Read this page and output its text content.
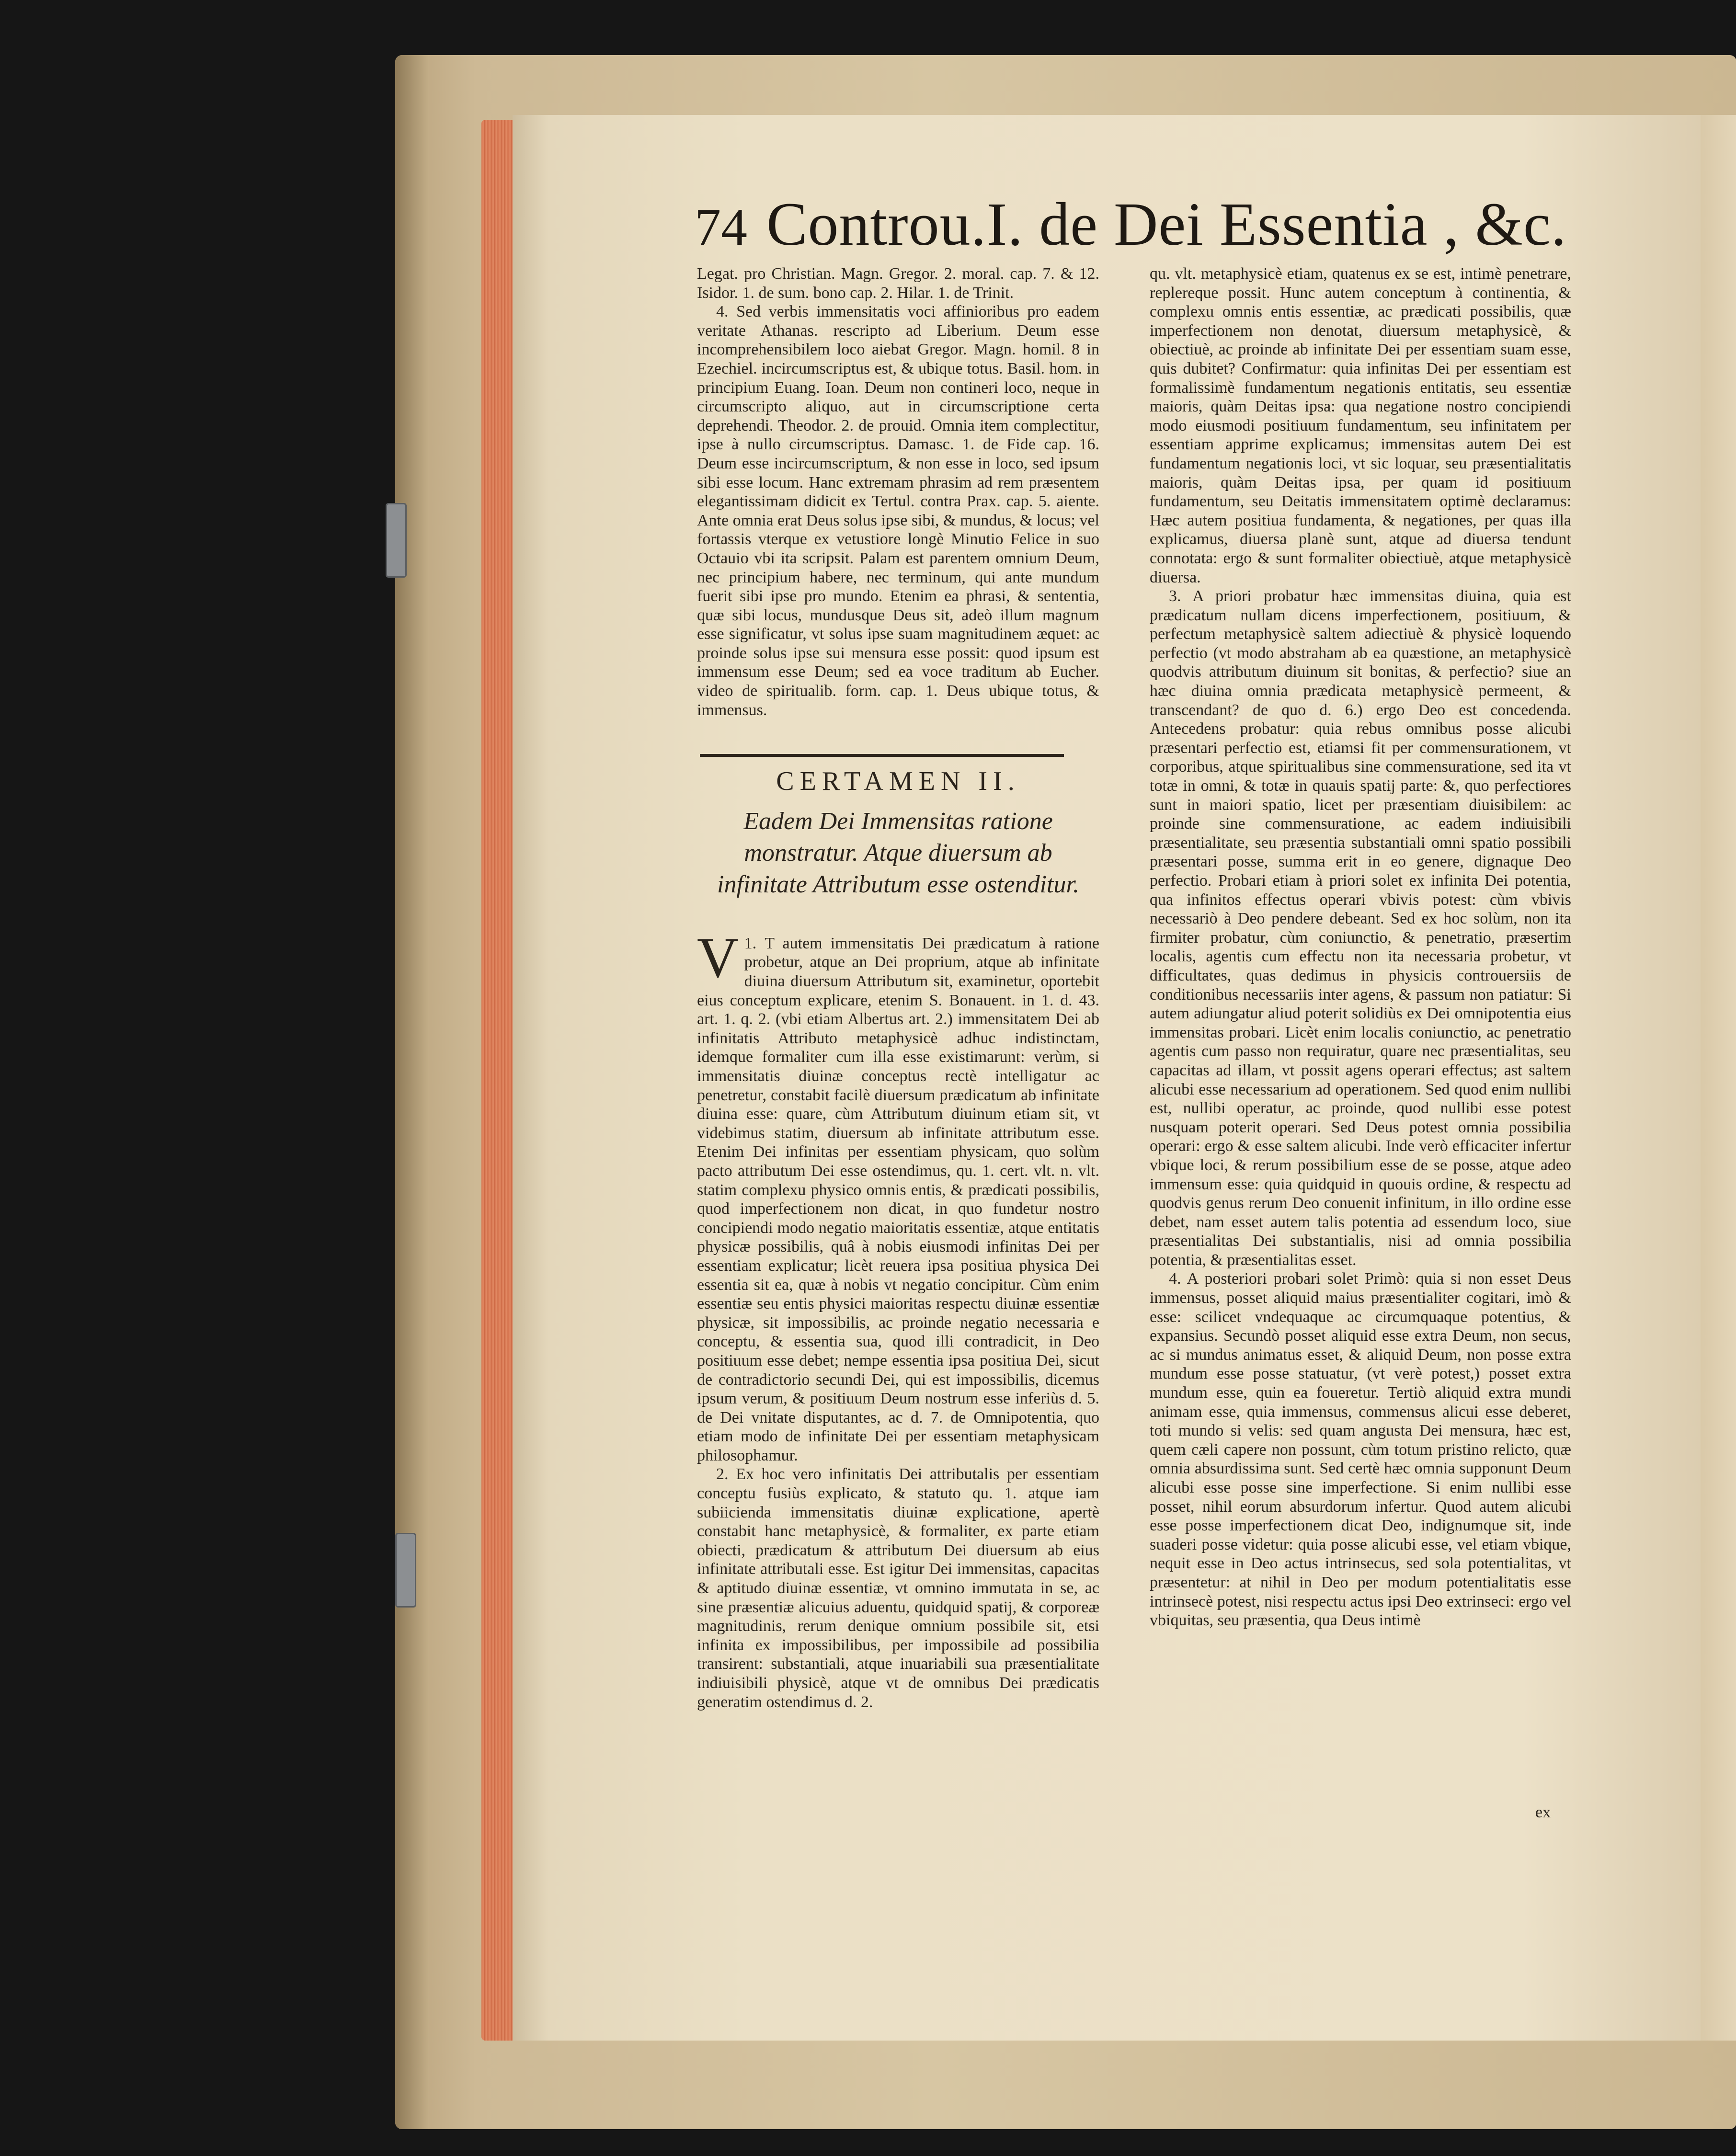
74 Controu.I. de Dei Essentia , &c.

Legat. pro Christian. Magn. Gregor. 2. moral. cap. 7. & 12. Isidor. 1. de sum. bono cap. 2. Hilar. 1. de Trinit.

4. Sed verbis immensitatis voci affinioribus pro eadem veritate Athanas. rescripto ad Liberium. Deum esse incomprehensibilem loco aiebat Gregor. Magn. homil. 8 in Ezechiel. incircumscriptus est, & ubique totus. Basil. hom. in principium Euang. Ioan. Deum non contineri loco, neque in circumscripto aliquo, aut in circumscriptione certa deprehendi. Theodor. 2. de prouid. Omnia item complectitur, ipse à nullo circumscriptus. Damasc. 1. de Fide cap. 16. Deum esse incircumscriptum, & non esse in loco, sed ipsum sibi esse locum. Hanc extremam phrasim ad rem præsentem elegantissimam didicit ex Tertul. contra Prax. cap. 5. aiente. Ante omnia erat Deus solus ipse sibi, & mundus, & locus; vel fortassis vterque ex vetustiore longè Minutio Felice in suo Octauio vbi ita scripsit. Palam est parentem omnium Deum, nec principium habere, nec terminum, qui ante mundum fuerit sibi ipse pro mundo. Etenim ea phrasi, & sententia, quæ sibi locus, mundusque Deus sit, adeò illum magnum esse significatur, vt solus ipse suam magnitudinem æquet: ac proinde solus ipse sui mensura esse possit: quod ipsum est immensum esse Deum; sed ea voce traditum ab Eucher. video de spiritualib. form. cap. 1. Deus ubique totus, & immensus.

CERTAMEN II.
Eadem Dei Immensitas ratione monstratur. Atque diuersum ab infinitate Attributum esse ostenditur.

1.
V T autem immensitatis Dei prædicatum à ratione probetur, atque an Dei proprium, atque ab infinitate diuina diuersum Attributum sit, examinetur, oportebit eius conceptum explicare, etenim S. Bonauent. in 1. d. 43. art. 1. q. 2. (vbi etiam Albertus art. 2.) immensitatem Dei ab infinitatis Attributo metaphysicè adhuc indistinctam, idemque formaliter cum illa esse existimarunt: verùm, si immensitatis diuinæ conceptus rectè intelligatur ac penetretur, constabit facilè diuersum prædicatum ab infinitate diuina esse: quare, cùm Attributum diuinum etiam sit, vt videbimus statim, diuersum ab infinitate attributum esse. Etenim Dei infinitas per essentiam physicam, quo solùm pacto attributum Dei esse ostendimus, qu. 1. cert. vlt. n. vlt. statim complexu physico omnis entis, & prædicati possibilis, quod imperfectionem non dicat, in quo fundetur nostro concipiendi modo negatio maioritatis essentiæ, atque entitatis physicæ possibilis, quâ à nobis eiusmodi infinitas Dei per essentiam explicatur; licèt reuera ipsa positiua physica Dei essentia sit ea, quæ à nobis vt negatio concipitur. Cùm enim essentiæ seu entis physici maioritas respectu diuinæ essentiæ physicæ, sit impossibilis, ac proinde negatio necessaria e conceptu, & essentia sua, quod illi contradicit, in Deo positiuum esse debet; nempe essentia ipsa positiua Dei, sicut de contradictorio secundi Dei, qui est impossibilis, dicemus ipsum verum, & positiuum Deum nostrum esse inferiùs d. 5. de Dei vnitate disputantes, ac d. 7. de Omnipotentia, quo etiam modo de infinitate Dei per essentiam metaphysicam philosophamur.

2. Ex hoc vero infinitatis Dei attributalis per essentiam conceptu fusiùs explicato, & statuto qu. 1. atque iam subiicienda immensitatis diuinæ explicatione, apertè constabit hanc metaphysicè, & formaliter, ex parte etiam obiecti, prædicatum & attributum Dei diuersum ab eius infinitate attributali esse. Est igitur Dei immensitas, capacitas & aptitudo diuinæ essentiæ, vt omnino immutata in se, ac sine præsentiæ alicuius aduentu, quidquid spatij, & corporeæ magnitudinis, rerum denique omnium possibile sit, etsi infinita ex impossibilibus, per impossibile ad possibilia transirent: substantiali, atque inuariabili sua præsentialitate indiuisibili physicè, atque vt de omnibus Dei prædicatis generatim ostendimus d. 2.

qu. vlt. metaphysicè etiam, quatenus ex se est, intimè penetrare, replereque possit. Hunc autem conceptum à continentia, & complexu omnis entis essentiæ, ac prædicati possibilis, quæ imperfectionem non denotat, diuersum metaphysicè, & obiectiuè, ac proinde ab infinitate Dei per essentiam suam esse, quis dubitet? Confirmatur: quia infinitas Dei per essentiam est formalissimè fundamentum negationis entitatis, seu essentiæ maioris, quàm Deitas ipsa: qua negatione nostro concipiendi modo eiusmodi positiuum fundamentum, seu infinitatem per essentiam apprime explicamus; immensitas autem Dei est fundamentum negationis loci, vt sic loquar, seu præsentialitatis maioris, quàm Deitas ipsa, per quam id positiuum fundamentum, seu Deitatis immensitatem optimè declaramus: Hæc autem positiua fundamenta, & negationes, per quas illa explicamus, diuersa planè sunt, atque ad diuersa tendunt connotata: ergo & sunt formaliter obiectiuè, atque metaphysicè diuersa.

3. A priori probatur hæc immensitas diuina, quia est prædicatum nullam dicens imperfectionem, positiuum, & perfectum metaphysicè saltem adiectiuè & physicè loquendo perfectio (vt modo abstraham ab ea quæstione, an metaphysicè quodvis attributum diuinum sit bonitas, & perfectio? siue an hæc diuina omnia prædicata metaphysicè permeent, & transcendant? de quo d. 6.) ergo Deo est concedenda. Antecedens probatur: quia rebus omnibus posse alicubi præsentari perfectio est, etiamsi fit per commensurationem, vt corporibus, atque spiritualibus sine commensuratione, sed ita vt totæ in omni, & totæ in quauis spatij parte: &, quo perfectiores sunt in maiori spatio, licet per præsentiam diuisibilem: ac proinde sine commensuratione, ac eadem indiuisibili præsentialitate, seu præsentia substantiali omni spatio possibili præsentari posse, summa erit in eo genere, dignaque Deo perfectio. Probari etiam à priori solet ex infinita Dei potentia, qua infinitos effectus operari vbivis potest: cùm vbivis necessariò à Deo pendere debeant. Sed ex hoc solùm, non ita firmiter probatur, cùm coniunctio, & penetratio, præsertim localis, agentis cum effectu non ita necessaria probetur, vt difficultates, quas dedimus in physicis controuersiis de conditionibus necessariis inter agens, & passum non patiatur: Si autem adiungatur aliud poterit solidiùs ex Dei omnipotentia eius immensitas probari. Licèt enim localis coniunctio, ac penetratio agentis cum passo non requiratur, quare nec præsentialitas, seu capacitas ad illam, vt possit agens operari effectus; ast saltem alicubi esse necessarium ad operationem. Sed quod enim nullibi est, nullibi operatur, ac proinde, quod nullibi esse potest nusquam poterit operari. Sed Deus potest omnia possibilia operari: ergo & esse saltem alicubi. Inde verò efficaciter infertur vbique loci, & rerum possibilium esse de se posse, atque adeo immensum esse: quia quidquid in quouis ordine, & respectu ad quodvis genus rerum Deo conuenit infinitum, in illo ordine esse debet, nam esset autem talis potentia ad essendum loco, siue præsentialitas Dei substantialis, nisi ad omnia possibilia potentia, & præsentialitas esset.

4. A posteriori probari solet Primò: quia si non esset Deus immensus, posset aliquid maius præsentialiter cogitari, imò & esse: scilicet vndequaque ac circumquaque potentius, & expansius. Secundò posset aliquid esse extra Deum, non secus, ac si mundus animatus esset, & aliquid Deum, non posse extra mundum esse posse statuatur, (vt verè potest,) posset extra mundum esse, quin ea foueretur. Tertiò aliquid extra mundi animam esse, quia immensus, commensus alicui esse deberet, toti mundo si velis: sed quam angusta Dei mensura, hæc est, quem cæli capere non possunt, cùm totum pristino relicto, quæ omnia absurdissima sunt. Sed certè hæc omnia supponunt Deum alicubi esse posse sine imperfectione. Si enim nullibi esse posset, nihil eorum absurdorum infertur. Quod autem alicubi esse posse imperfectionem dicat Deo, indignumque sit, inde suaderi posse videtur: quia posse alicubi esse, vel etiam vbique, nequit esse in Deo actus intrinsecus, sed sola potentialitas, vt præsentetur: at nihil in Deo per modum potentialitatis esse intrinsecè potest, nisi respectu actus ipsi Deo extrinseci: ergo vel vbiquitas, seu præsentia, qua Deus intimè

ex
